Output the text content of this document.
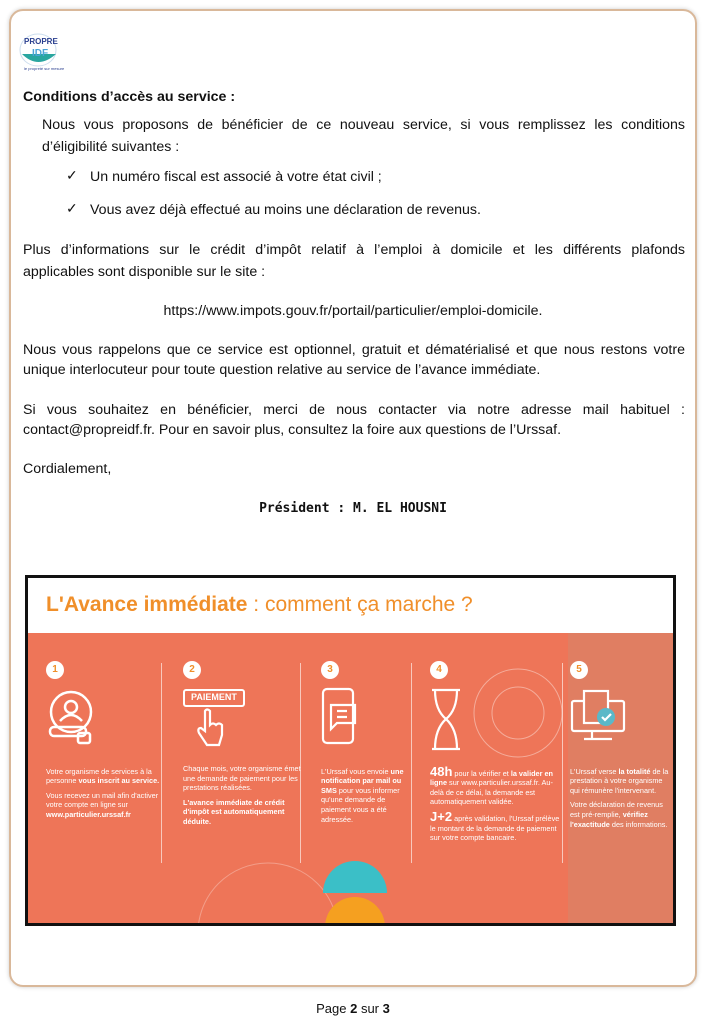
PROPRE
IDF
le propreté sur mesure
Conditions d’accès au service :
Nous vous proposons de bénéficier de ce nouveau service, si vous remplissez les conditions
d’éligibilité suivantes :
✓ Un numéro fiscal est associé à votre état civil ;
✓ Vous avez déjà effectué au moins une déclaration de revenus.
Plus d’informations sur le crédit d’impôt relatif à l’emploi à domicile et les différents plafonds
applicables sont disponible sur le site :
https://www.impots.gouv.fr/portail/particulier/emploi-domicile.
Nous vous rappelons que ce service est optionnel, gratuit et dématérialisé et que nous restons votre
unique interlocuteur pour toute question relative au service de l’avance immédiate.
Si vous souhaitez en bénéficier, merci de nous contacter via notre adresse mail habituel :
contact@propreidf.fr. Pour en savoir plus, consultez la foire aux questions de l’Urssaf.
Cordialement,
Président : M. EL HOUSNI
L'Avance immédiate : comment ça marche ?
1

Votre organisme de services à la personne vous inscrit au service.

Vous recevez un mail afin d'activer votre compte en ligne sur www.particulier.urssaf.fr

2
PAIEMENT

Chaque mois, votre organisme émet une demande de paiement pour les prestations réalisées.

L'avance immédiate de crédit d'impôt est automatiquement déduite.

3

L'Urssaf vous envoie une notification par mail ou SMS pour vous informer qu'une demande de paiement vous a été adressée.

4

48h pour la vérifier et la valider en ligne sur www.particulier.urssaf.fr. Au-delà de ce délai, la demande est automatiquement validée.

J+2 après validation, l'Urssaf prélève le montant de la demande de paiement sur votre compte bancaire.

5

L'Urssaf verse la totalité de la prestation à votre organisme qui rémunère l'intervenant.

Votre déclaration de revenus est pré-remplie, vérifiez l'exactitude des informations.

Page 2 sur 3
